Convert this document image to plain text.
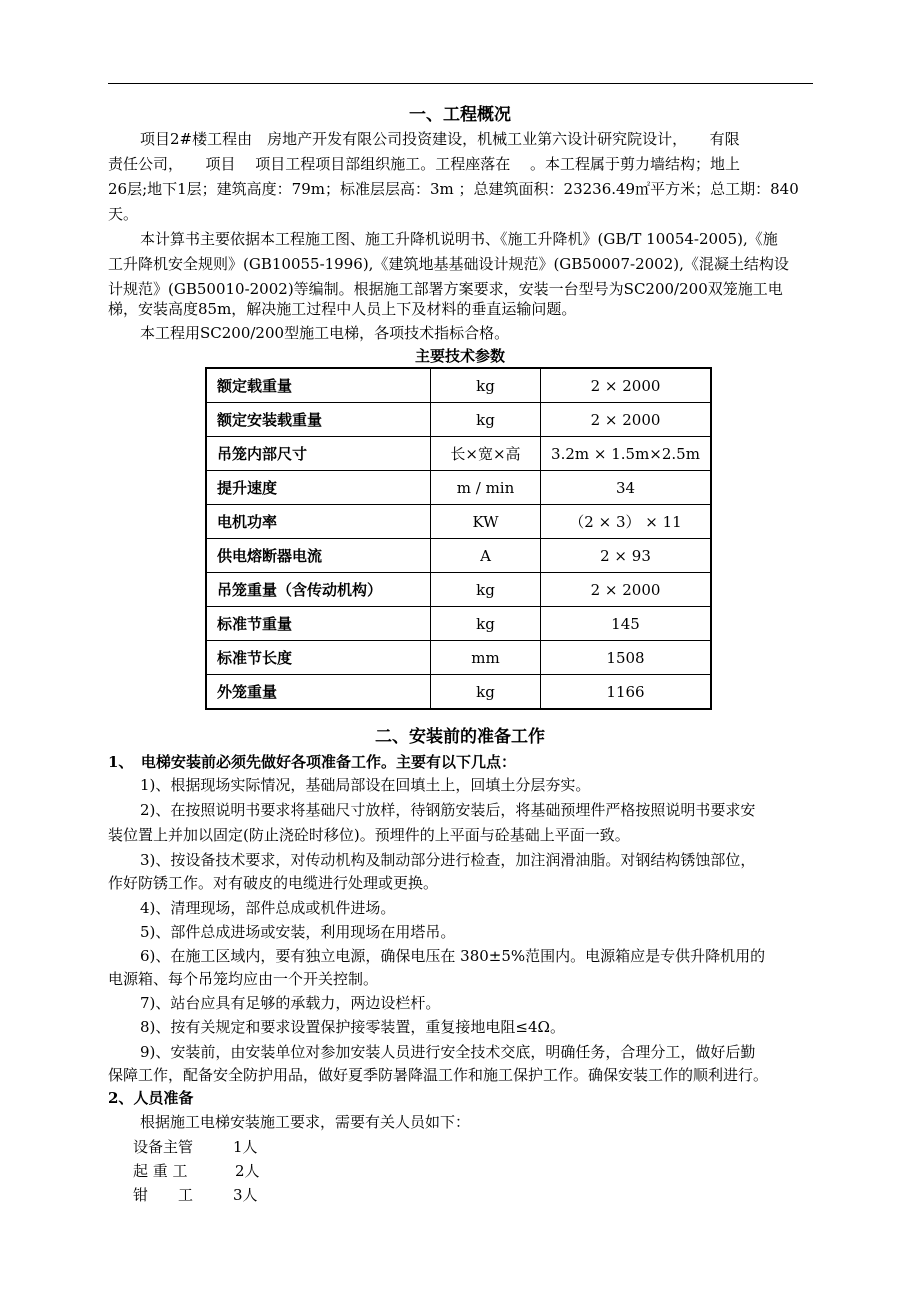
一、工程概况
项目2#楼工程由　房地产开发有限公司投资建设，机械工业第六设计研究院设计，　　有限
责任公司，　　项目　 项目工程项目部组织施工。工程座落在　 。本工程属于剪力墙结构；地上
26层;地下1层；建筑高度：79m；标准层层高：3m ；总建筑面积：23236.49㎡平方米；总工期：840
天。
本计算书主要依据本工程施工图、施工升降机说明书、《施工升降机》(GB/T 10054-2005),《施
工升降机安全规则》(GB10055-1996),《建筑地基基础设计规范》(GB50007-2002),《混凝土结构设
计规范》(GB50010-2002)等编制。根据施工部署方案要求，安装一台型号为SC200/200双笼施工电
梯，安装高度85m，解决施工过程中人员上下及材料的垂直运输问题。
本工程用SC200/200型施工电梯，各项技术指标合格。
主要技术参数
额定载重量	kg	2 × 2000
额定安装载重量	kg	2 × 2000
吊笼内部尺寸	长×宽×高	3.2m × 1.5m×2.5m
提升速度	m / min	34
电机功率	KW	（2 × 3） × 11
供电熔断器电流	A	2 × 93
吊笼重量（含传动机构）	kg	2 × 2000
标准节重量	kg	145
标准节长度	mm	1508
外笼重量	kg	1166
二、安装前的准备工作
1、　电梯安装前必须先做好各项准备工作。主要有以下几点：
1)、根据现场实际情况，基础局部设在回填土上，回填土分层夯实。
2)、在按照说明书要求将基础尺寸放样，待钢筋安装后，将基础预埋件严格按照说明书要求安
装位置上并加以固定(防止浇砼时移位)。预埋件的上平面与砼基础上平面一致。
3)、按设备技术要求，对传动机构及制动部分进行检查，加注润滑油脂。对钢结构锈蚀部位，
作好防锈工作。对有破皮的电缆进行处理或更换。
4)、清理现场，部件总成或机件进场。
5)、部件总成进场或安装，利用现场在用塔吊。
6)、在施工区域内，要有独立电源，确保电压在 380±5%范围内。电源箱应是专供升降机用的
电源箱、每个吊笼均应由一个开关控制。
7)、站台应具有足够的承载力，两边设栏杆。
8)、按有关规定和要求设置保护接零装置，重复接地电阻≤4Ω。
9)、安装前，由安装单位对参加安装人员进行安全技术交底，明确任务，合理分工，做好后勤
保障工作，配备安全防护用品，做好夏季防暑降温工作和施工保护工作。确保安装工作的顺利进行。
2、人员准备
根据施工电梯安装施工要求，需要有关人员如下：
设备主管	1人
起 重 工	2人
钳　　工	3人
